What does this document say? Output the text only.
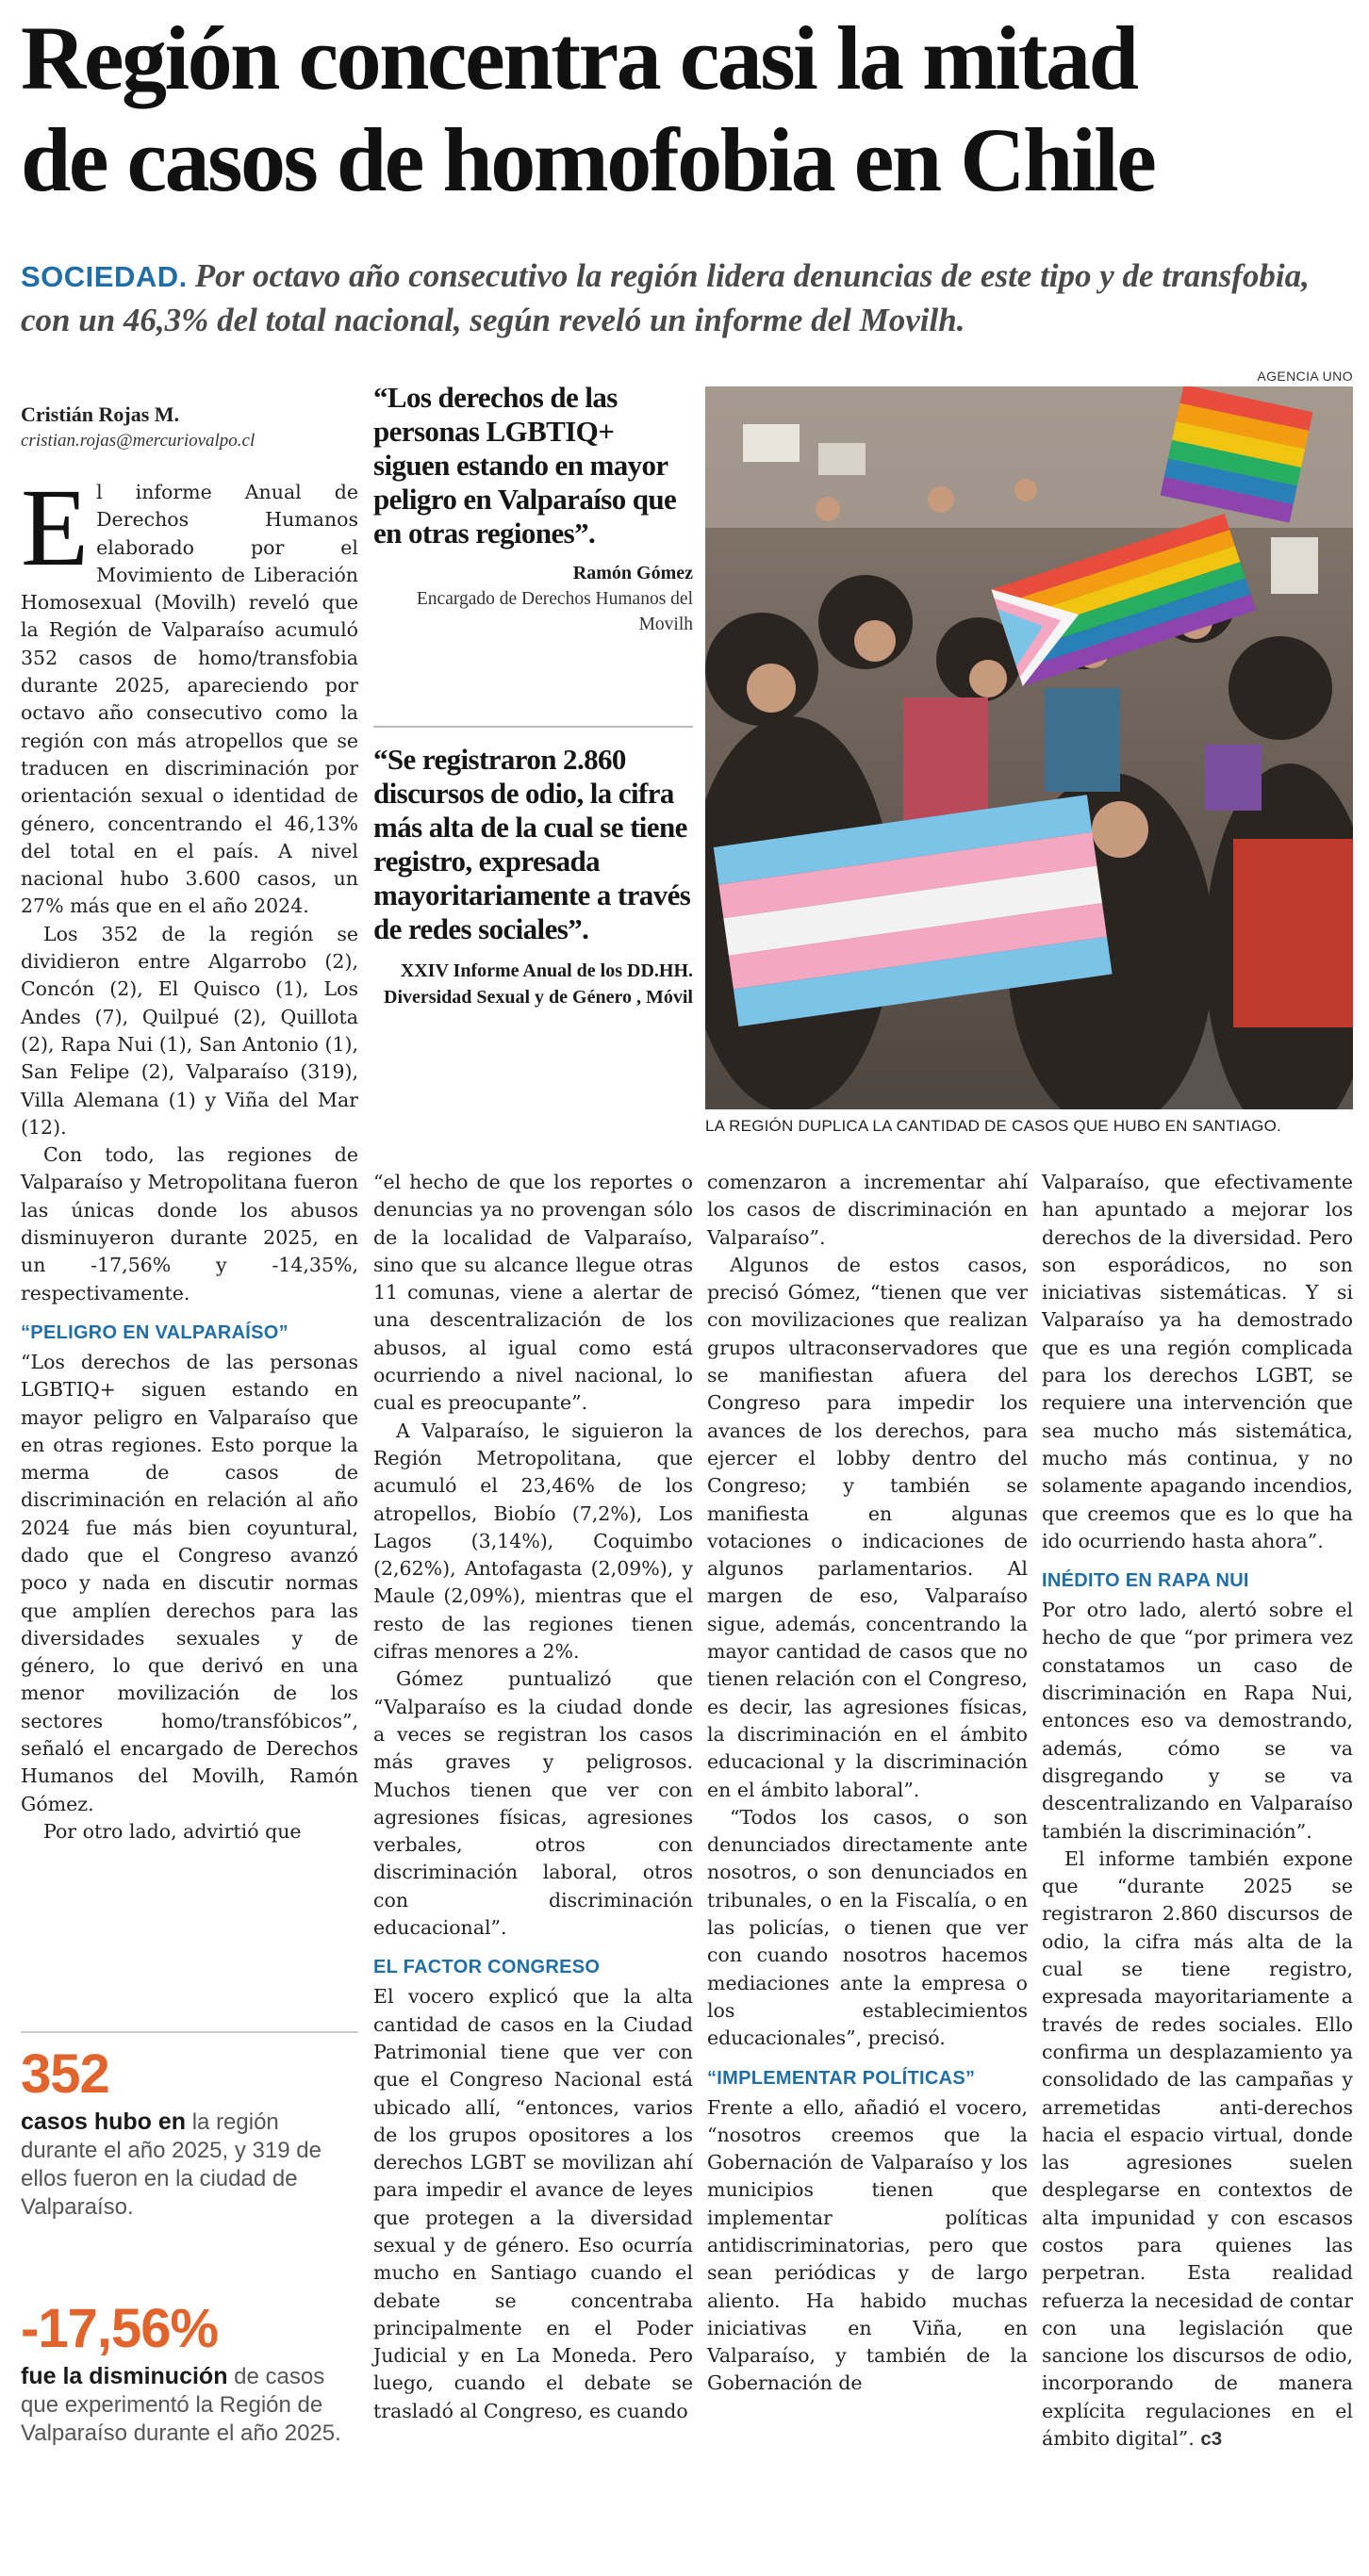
Región concentra casi la mitad
de casos de homofobia en Chile
SOCIEDAD. Por octavo año consecutivo la región lidera denuncias de este tipo y de transfobia, con un 46,3% del total nacional, según reveló un informe del Movilh.
Cristián Rojas M.
cristian.rojas@mercuriovalpo.cl

El informe Anual de Derechos Humanos elaborado por el Movimiento de Liberación Homosexual (Movilh) reveló que la Región de Valparaíso acumuló 352 casos de homo/transfobia durante 2025, apareciendo por octavo año consecutivo como la región con más atropellos que se traducen en discriminación por orientación sexual o identidad de género, concentrando el 46,13% del total en el país. A nivel nacional hubo 3.600 casos, un 27% más que en el año 2024.

Los 352 de la región se dividieron entre Algarrobo (2), Concón (2), El Quisco (1), Los Andes (7), Quilpué (2), Quillota (2), Rapa Nui (1), San Antonio (1), San Felipe (2), Valparaíso (319), Villa Alemana (1) y Viña del Mar (12).

Con todo, las regiones de Valparaíso y Metropolitana fueron las únicas donde los abusos disminuyeron durante 2025, en un -17,56% y -14,35%, respectivamente.

“PELIGRO EN VALPARAÍSO”

“Los derechos de las personas LGBTIQ+ siguen estando en mayor peligro en Valparaíso que en otras regiones. Esto porque la merma de casos de discriminación en relación al año 2024 fue más bien coyuntural, dado que el Congreso avanzó poco y nada en discutir normas que amplíen derechos para las diversidades sexuales y de género, lo que derivó en una menor movilización de los sectores homo/transfóbicos”, señaló el encargado de Derechos Humanos del Movilh, Ramón Gómez.

Por otro lado, advirtió que

352
casos hubo en la región durante el año 2025, y 319 de ellos fueron en la ciudad de Valparaíso.
-17,56%
fue la disminución de casos que experimentó la Región de Valparaíso durante el año 2025.
“Los derechos de las personas LGBTIQ+ siguen estando en mayor peligro en Valparaíso que en otras regiones”.
Ramón Gómez
Encargado de Derechos Humanos del Movilh
“Se registraron 2.860 discursos de odio, la cifra más alta de la cual se tiene registro, expresada mayoritariamente a través de redes sociales”.
XXIV Informe Anual de los DD.HH. Diversidad Sexual y de Género , Móvil

“el hecho de que los reportes o denuncias ya no provengan sólo de la localidad de Valparaíso, sino que su alcance llegue otras 11 comunas, viene a alertar de una descentralización de los abusos, al igual como está ocurriendo a nivel nacional, lo cual es preocupante”.

A Valparaíso, le siguieron la Región Metropolitana, que acumuló el 23,46% de los atropellos, Biobío (7,2%), Los Lagos (3,14%), Coquimbo (2,62%), Antofagasta (2,09%), y Maule (2,09%), mientras que el resto de las regiones tienen cifras menores a 2%.

Gómez puntualizó que “Valparaíso es la ciudad donde a veces se registran los casos más graves y peligrosos. Muchos tienen que ver con agresiones físicas, agresiones verbales, otros con discriminación laboral, otros con discriminación educacional”.

EL FACTOR CONGRESO

El vocero explicó que la alta cantidad de casos en la Ciudad Patrimonial tiene que ver con que el Congreso Nacional está ubicado allí, “entonces, varios de los grupos opositores a los derechos LGBT se movilizan ahí para impedir el avance de leyes que protegen a la diversidad sexual y de género. Eso ocurría mucho en Santiago cuando el debate se concentraba principalmente en el Poder Judicial y en La Moneda. Pero luego, cuando el debate se trasladó al Congreso, es cuando

AGENCIA UNO
LA REGIÓN DUPLICA LA CANTIDAD DE CASOS QUE HUBO EN SANTIAGO.

comenzaron a incrementar ahí los casos de discriminación en Valparaíso”.

Algunos de estos casos, precisó Gómez, “tienen que ver con movilizaciones que realizan grupos ultraconservadores que se manifiestan afuera del Congreso para impedir los avances de los derechos, para ejercer el lobby dentro del Congreso; y también se manifiesta en algunas votaciones o indicaciones de algunos parlamentarios. Al margen de eso, Valparaíso sigue, además, concentrando la mayor cantidad de casos que no tienen relación con el Congreso, es decir, las agresiones físicas, la discriminación en el ámbito educacional y la discriminación en el ámbito laboral”.

“Todos los casos, o son denunciados directamente ante nosotros, o son denunciados en tribunales, o en la Fiscalía, o en las policías, o tienen que ver con cuando nosotros hacemos mediaciones ante la empresa o los establecimientos educacionales”, precisó.

“IMPLEMENTAR POLÍTICAS”

Frente a ello, añadió el vocero, “nosotros creemos que la Gobernación de Valparaíso y los municipios tienen que implementar políticas antidiscriminatorias, pero que sean periódicas y de largo aliento. Ha habido muchas iniciativas en Viña, en Valparaíso, y también de la Gobernación de

Valparaíso, que efectivamente han apuntado a mejorar los derechos de la diversidad. Pero son esporádicos, no son iniciativas sistemáticas. Y si Valparaíso ya ha demostrado que es una región complicada para los derechos LGBT, se requiere una intervención que sea mucho más sistemática, mucho más continua, y no solamente apagando incendios, que creemos que es lo que ha ido ocurriendo hasta ahora”.

INÉDITO EN RAPA NUI

Por otro lado, alertó sobre el hecho de que “por primera vez constatamos un caso de discriminación en Rapa Nui, entonces eso va demostrando, además, cómo se va disgregando y se va descentralizando en Valparaíso también la discriminación”.

El informe también expone que “durante 2025 se registraron 2.860 discursos de odio, la cifra más alta de la cual se tiene registro, expresada mayoritariamente a través de redes sociales. Ello confirma un desplazamiento ya consolidado de las campañas y arremetidas anti-derechos hacia el espacio virtual, donde las agresiones suelen desplegarse en contextos de alta impunidad y con escasos costos para quienes las perpetran. Esta realidad refuerza la necesidad de contar con una legislación que sancione los discursos de odio, incorporando de manera explícita regulaciones en el ámbito digital”. c3
